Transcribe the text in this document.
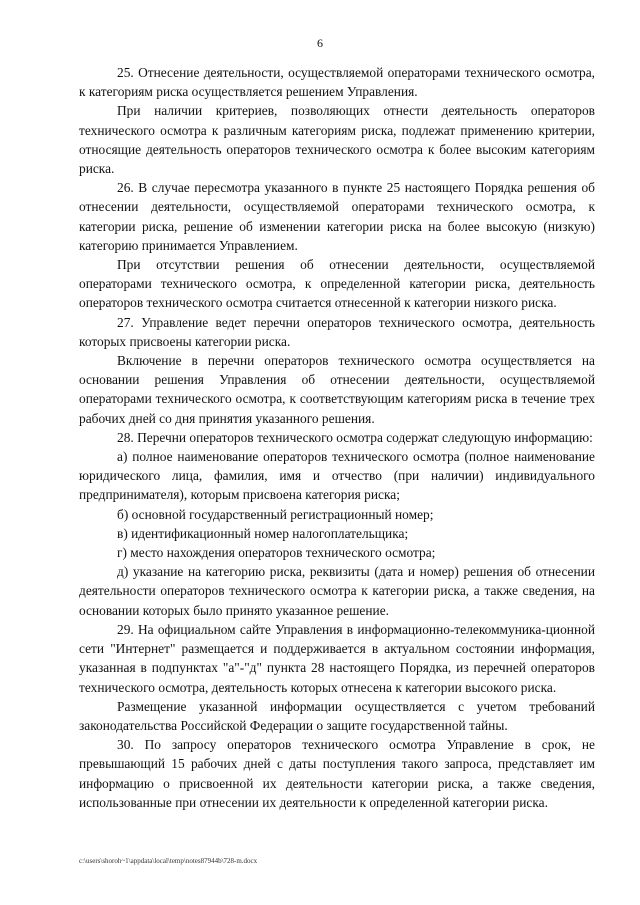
6

25. Отнесение деятельности, осуществляемой операторами технического осмотра, к категориям риска осуществляется решением Управления.

При наличии критериев, позволяющих отнести деятельность операторов технического осмотра к различным категориям риска, подлежат применению критерии, относящие деятельность операторов технического осмотра к более высоким категориям риска.

26. В случае пересмотра указанного в пункте 25 настоящего Порядка решения об отнесении деятельности, осуществляемой операторами технического осмотра, к категории риска, решение об изменении категории риска на более высокую (низкую) категорию принимается Управлением.

При отсутствии решения об отнесении деятельности, осуществляемой операторами технического осмотра, к определенной категории риска, деятельность операторов технического осмотра считается отнесенной к категории низкого риска.

27. Управление ведет перечни операторов технического осмотра, деятельность которых присвоены категории риска.

Включение в перечни операторов технического осмотра осуществляется на основании решения Управления об отнесении деятельности, осуществляемой операторами технического осмотра, к соответствующим категориям риска в течение трех рабочих дней со дня принятия указанного решения.

28. Перечни операторов технического осмотра содержат следующую информацию:

а) полное наименование операторов технического осмотра (полное наименование юридического лица, фамилия, имя и отчество (при наличии) индивидуального предпринимателя), которым присвоена категория риска;

б) основной государственный регистрационный номер;

в) идентификационный номер налогоплательщика;

г) место нахождения операторов технического осмотра;

д) указание на категорию риска, реквизиты (дата и номер) решения об отнесении деятельности операторов технического осмотра к категории риска, а также сведения, на основании которых было принято указанное решение.

29. На официальном сайте Управления в информационно-телекоммуника-ционной сети "Интернет" размещается и поддерживается в актуальном состоянии информация, указанная в подпунктах "а"-"д" пункта 28 настоящего Порядка, из перечней операторов технического осмотра, деятельность которых отнесена к категории высокого риска.

Размещение указанной информации осуществляется с учетом требований законодательства Российской Федерации о защите государственной тайны.

30. По запросу операторов технического осмотра Управление в срок, не превышающий 15 рабочих дней с даты поступления такого запроса, представляет им информацию о присвоенной их деятельности категории риска, а также сведения, использованные при отнесении их деятельности к определенной категории риска.

c:\users\shoroh~1\appdata\local\temp\notes87944b\728-m.docx
